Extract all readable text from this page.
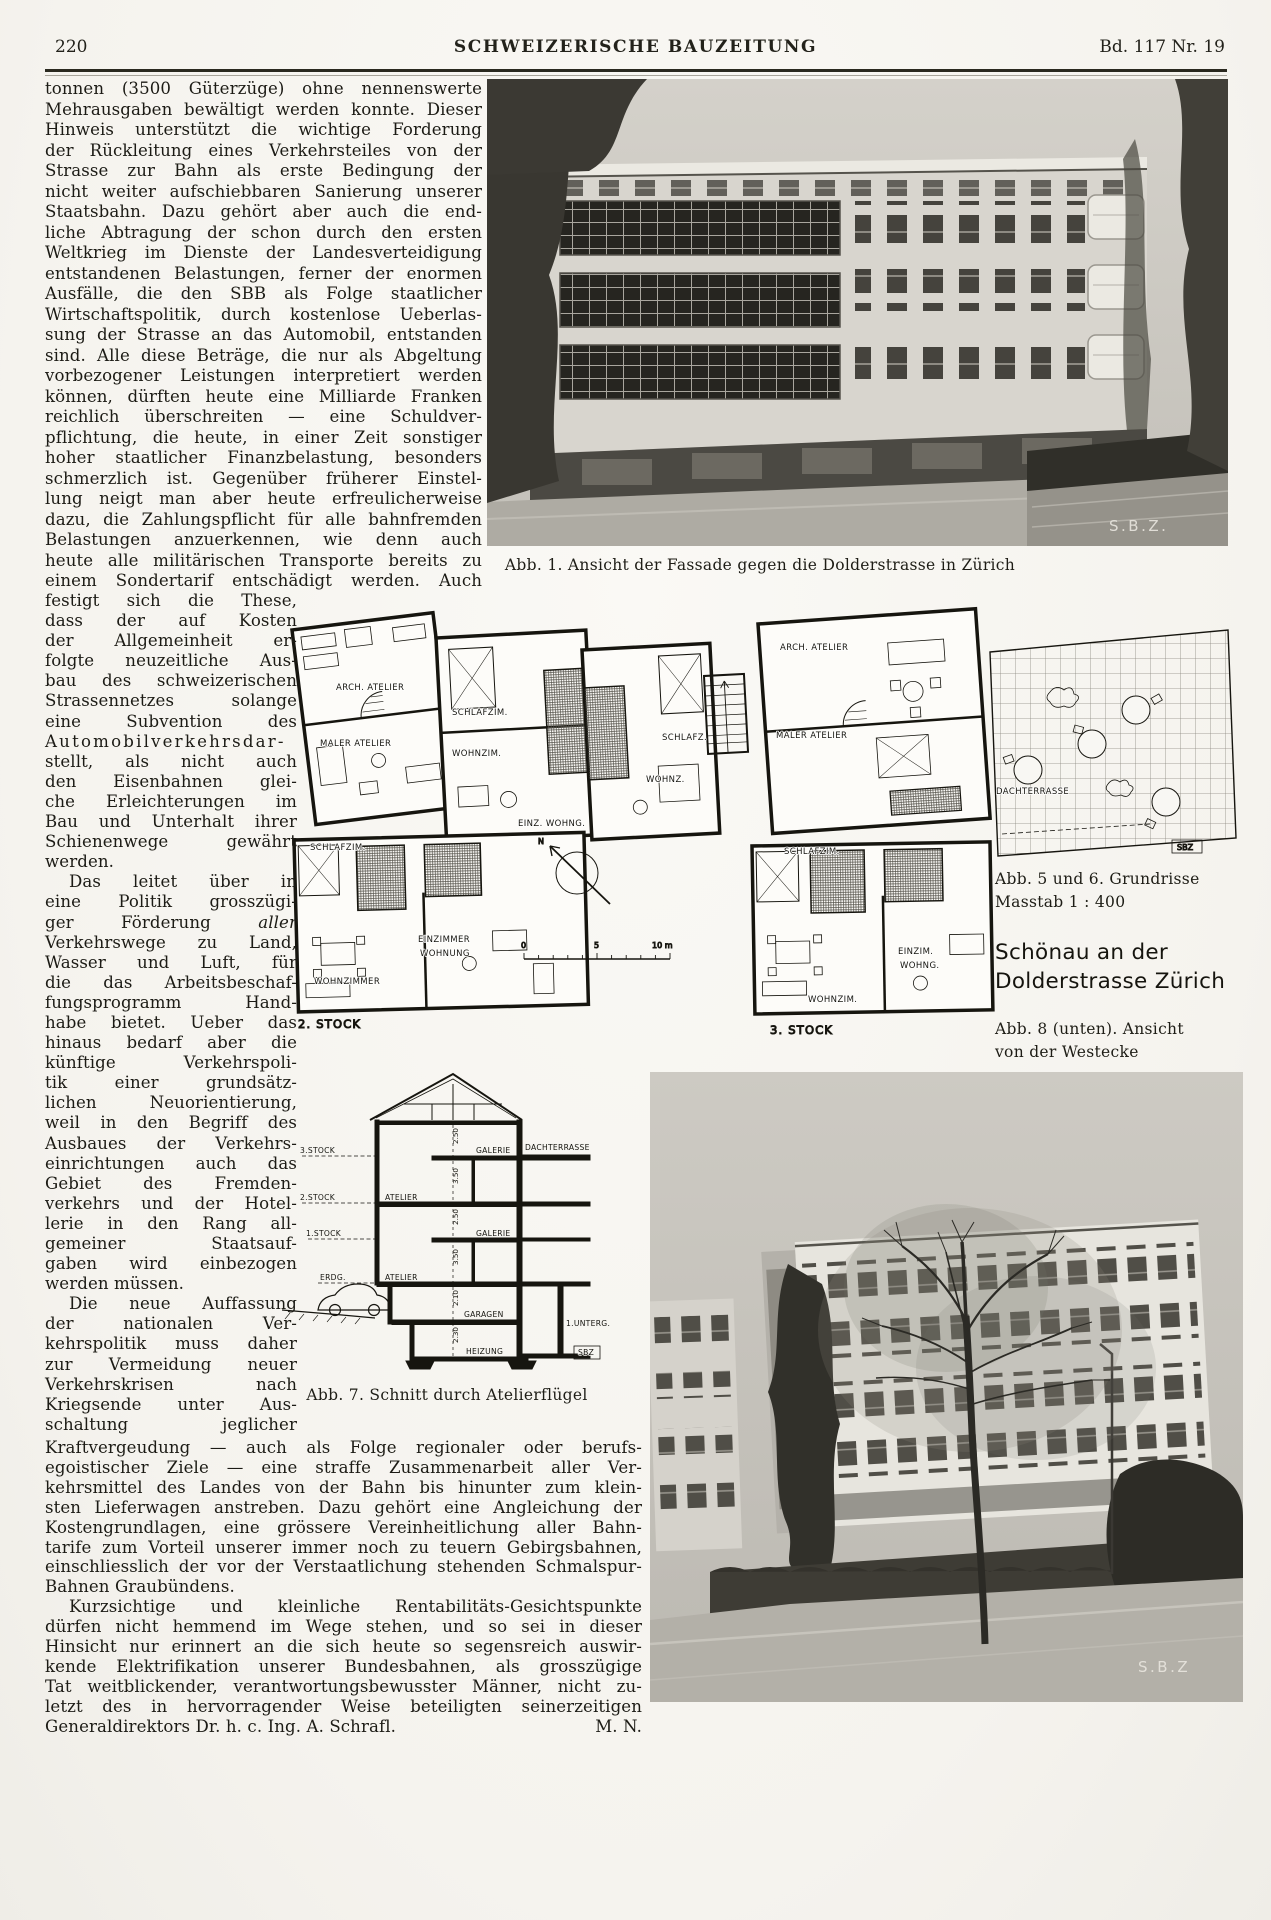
220	SCHWEIZERISCHE BAUZEITUNG	Bd. 117 Nr. 19
tonnen (3500 Güterzüge) ohne nennenswerte
Mehrausgaben bewältigt werden konnte. Dieser
Hinweis unterstützt die wichtige Forderung
der Rückleitung eines Verkehrsteiles von der
Strasse zur Bahn als erste Bedingung der
nicht weiter aufschiebbaren Sanierung unserer
Staatsbahn. Dazu gehört aber auch die end-
liche Abtragung der schon durch den ersten
Weltkrieg im Dienste der Landesverteidigung
entstandenen Belastungen, ferner der enormen
Ausfälle, die den SBB als Folge staatlicher
Wirtschaftspolitik, durch kostenlose Ueberlas-
sung der Strasse an das Automobil, entstanden
sind. Alle diese Beträge, die nur als Abgeltung
vorbezogener Leistungen interpretiert werden
können, dürften heute eine Milliarde Franken
reichlich überschreiten — eine Schuldver-
pflichtung, die heute, in einer Zeit sonstiger
hoher staatlicher Finanzbelastung, besonders
schmerzlich ist. Gegenüber früherer Einstel-
lung neigt man aber heute erfreulicherweise
dazu, die Zahlungspflicht für alle bahnfremden
Belastungen anzuerkennen, wie denn auch
heute alle militärischen Transporte bereits zu
einem Sondertarif entschädigt werden. Auch
S.B.Z.
Abb. 1. Ansicht der Fassade gegen die Dolderstrasse in Zürich
ARCH. ATELIER
MALER ATELIER
SCHLAFZIM.
WOHNZIM.
SCHLAFZ.
WOHNZ.
EINZ. WOHNG.
SCHLAFZIM.
EINZIMMER
WOHNUNG
WOHNZIMMER
2. STOCK
N
0	5	10 m
SBZ
ARCH. ATELIER
MALER ATELIER
SCHLAFZIM.
EINZIM.
WOHNG.
WOHNZIM.
DACHTERRASSE
3. STOCK
festigt sich die These,
dass der auf Kosten
der Allgemeinheit er-
folgte neuzeitliche Aus-
bau des schweizerischen
Strassennetzes solange
eine Subvention des
Automobilverkehrsdar-
stellt, als nicht auch
den Eisenbahnen glei-
che Erleichterungen im
Bau und Unterhalt ihrer
Schienenwege gewährt
werden.
Das leitet über in
eine Politik grosszügi-
ger Förderung aller
Verkehrswege zu Land,
Wasser und Luft, für
die das Arbeitsbeschaf-
fungsprogramm Hand-
habe bietet. Ueber das
hinaus bedarf aber die
künftige Verkehrspoli-
tik einer grundsätz-
lichen Neuorientierung,
weil in den Begriff des
Ausbaues der Verkehrs-
einrichtungen auch das
Gebiet des Fremden-
verkehrs und der Hotel-
lerie in den Rang all-
gemeiner Staatsauf-
gaben wird einbezogen
werden müssen.
Die neue Auffassung
der nationalen Ver-
kehrspolitik muss daher
zur Vermeidung neuer
Verkehrskrisen nach
Kriegsende unter Aus-
schaltung jeglicher
Abb. 5 und 6. Grundrisse
Masstab 1 : 400
Schönau an der
Dolderstrasse Zürich
Abb. 8 (unten). Ansicht
von der Westecke
3.STOCK
2.STOCK
1.STOCK
ERDG.
ATELIER
ATELIER
GALERIE
GALERIE
DACHTERRASSE
GARAGEN
1.UNTERG.
HEIZUNG	SBZ
2.50
3.50
2.50
3.50
2.10
2.30
Abb. 7. Schnitt durch Atelierflügel
S.B.Z
Kraftvergeudung — auch als Folge regionaler oder berufs-
egoistischer Ziele — eine straffe Zusammenarbeit aller Ver-
kehrsmittel des Landes von der Bahn bis hinunter zum klein-
sten Lieferwagen anstreben. Dazu gehört eine Angleichung der
Kostengrundlagen, eine grössere Vereinheitlichung aller Bahn-
tarife zum Vorteil unserer immer noch zu teuern Gebirgsbahnen,
einschliesslich der vor der Verstaatlichung stehenden Schmalspur-
Bahnen Graubündens.
Kurzsichtige und kleinliche Rentabilitäts-Gesichtspunkte
dürfen nicht hemmend im Wege stehen, und so sei in dieser
Hinsicht nur erinnert an die sich heute so segensreich auswir-
kende Elektrifikation unserer Bundesbahnen, als grosszügige
Tat weitblickender, verantwortungsbewusster Männer, nicht zu-
letzt des in hervorragender Weise beteiligten seinerzeitigen
Generaldirektors Dr. h. c. Ing. A. Schrafl.	M. N.
